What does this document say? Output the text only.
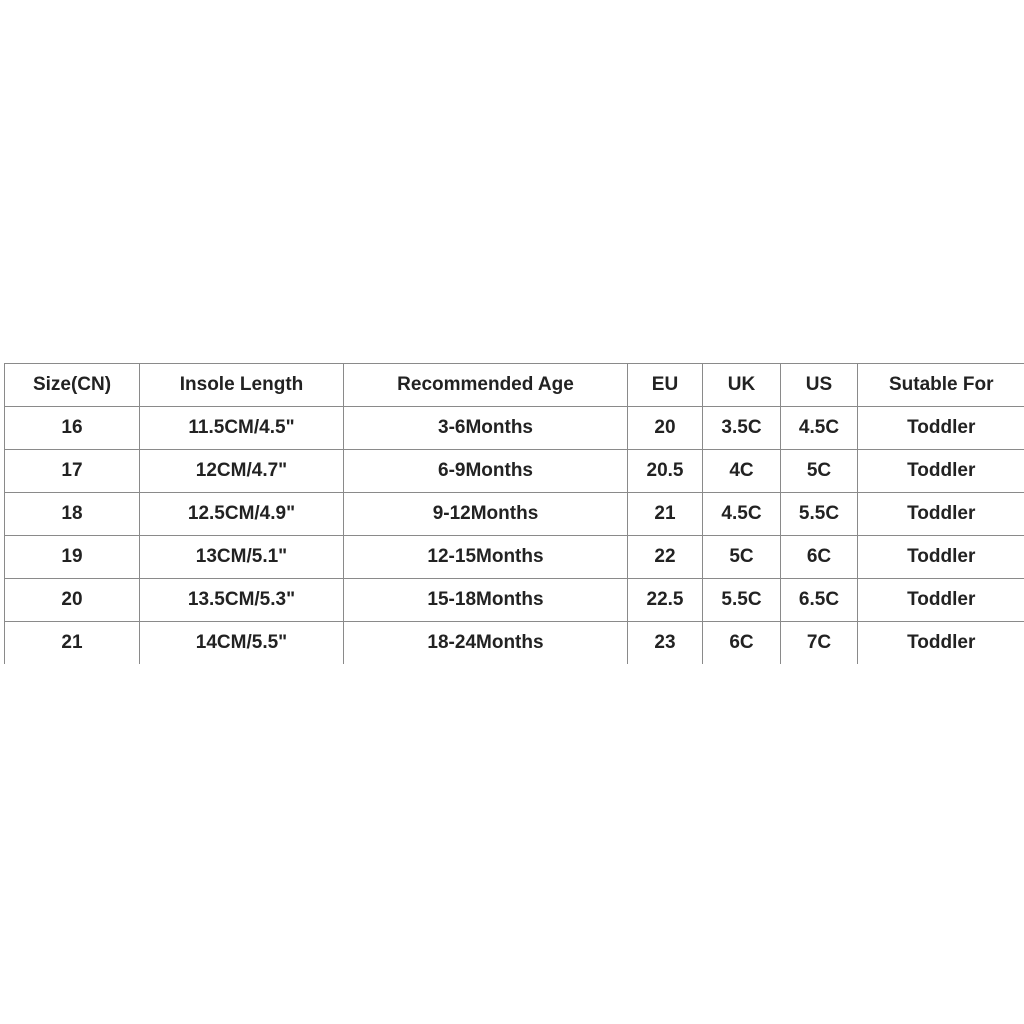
Size(CN)	Insole Length	Recommended Age	EU	UK	US	Sutable For
16	11.5CM/4.5"	3-6Months	20	3.5C	4.5C	Toddler
17	12CM/4.7"	6-9Months	20.5	4C	5C	Toddler
18	12.5CM/4.9"	9-12Months	21	4.5C	5.5C	Toddler
19	13CM/5.1"	12-15Months	22	5C	6C	Toddler
20	13.5CM/5.3"	15-18Months	22.5	5.5C	6.5C	Toddler
21	14CM/5.5"	18-24Months	23	6C	7C	Toddler
